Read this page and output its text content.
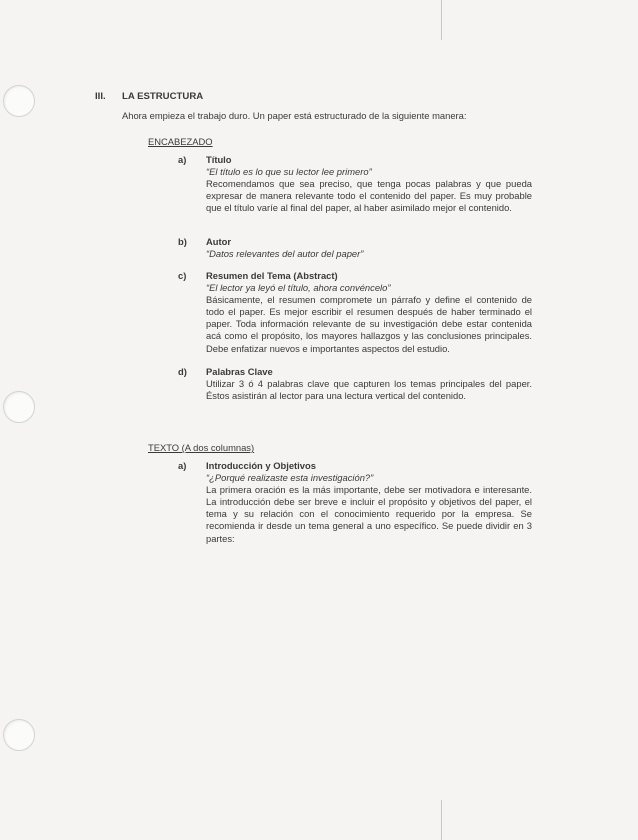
III. LA ESTRUCTURA
Ahora empieza el trabajo duro. Un paper está estructurado de la siguiente manera:
ENCABEZADO
a) Título
“El título es lo que su lector lee primero”
Recomendamos que sea preciso, que tenga pocas palabras y que pueda expresar de manera relevante todo el contenido del paper. Es muy probable que el título varíe al final del paper, al haber asimilado mejor el contenido.
b) Autor
“Datos relevantes del autor del paper”
c) Resumen del Tema (Abstract)
“El lector ya leyó el título, ahora convéncelo”
Básicamente, el resumen compromete un párrafo y define el contenido de todo el paper. Es mejor escribir el resumen después de haber terminado el paper. Toda información relevante de su investigación debe estar contenida acá como el propósito, los mayores hallazgos y las conclusiones principales. Debe enfatizar nuevos e importantes aspectos del estudio.
d) Palabras Clave
Utilizar 3 ó 4 palabras clave que capturen los temas principales del paper. Éstos asistirán al lector para una lectura vertical del contenido.
TEXTO (A dos columnas)
a) Introducción y Objetivos
“¿Porqué realizaste esta investigación?”
La primera oración es la más importante, debe ser motivadora e interesante. La introducción debe ser breve e incluir el propósito y objetivos del paper, el tema y su relación con el conocimiento requerido por la empresa. Se recomienda ir desde un tema general a uno específico. Se puede dividir en 3 partes:
